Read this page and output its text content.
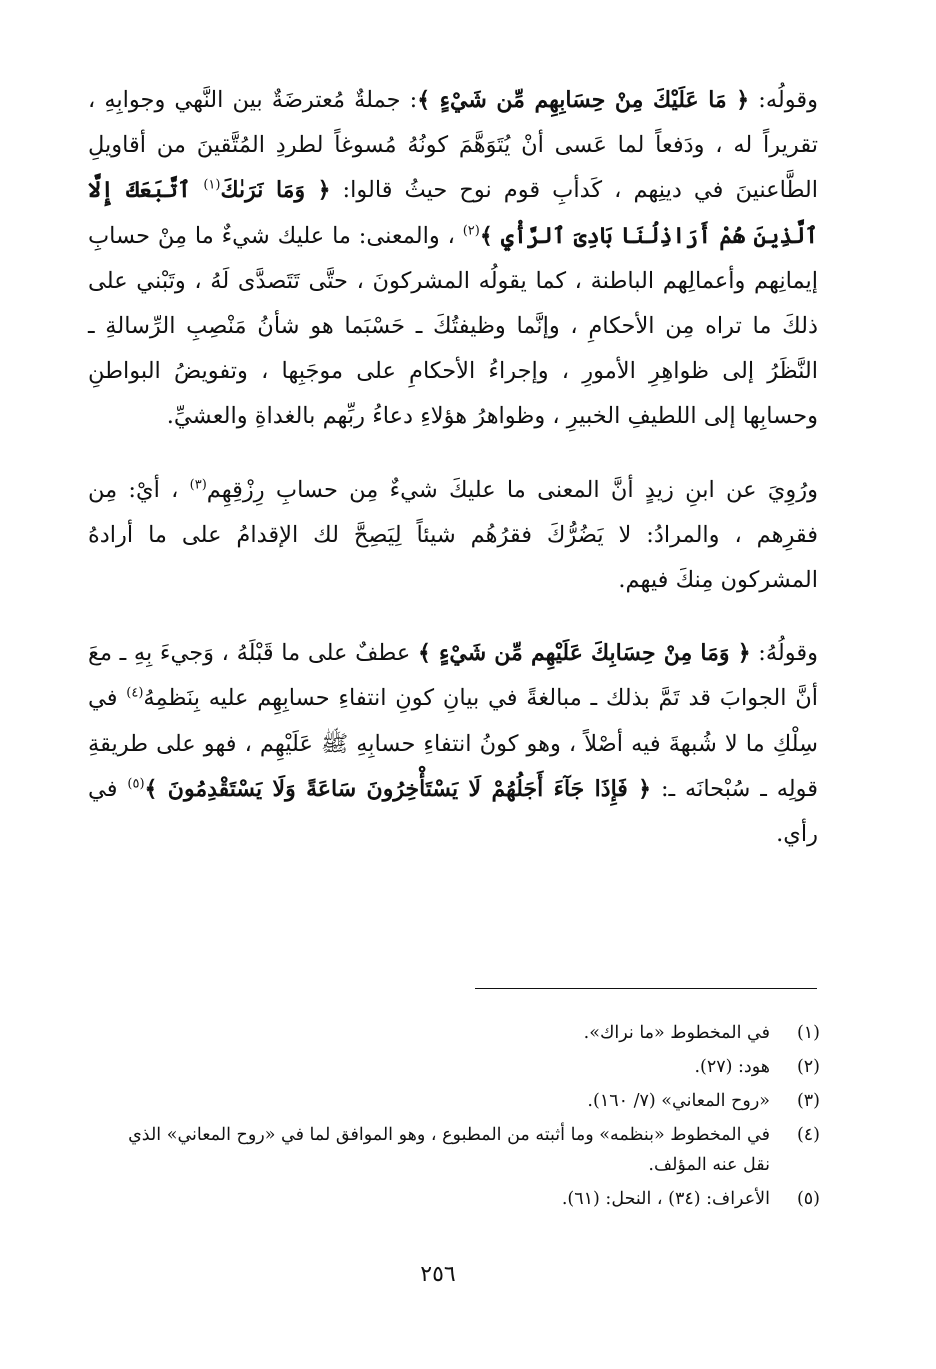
وقولُه: ﴿ مَا عَلَيْكَ مِنْ حِسَابِهِم مِّن شَيْءٍ ﴾: جملةٌ مُعترضَةٌ بين النَّهي وجوابِهِ ، تقريراً له ، ودَفعاً لما عَسى أنْ يُتَوَهَّمَ كونُهُ مُسوغاً لطردِ المُتَّقينَ من أقاويلِ الطَّاعنينَ في دينِهم ، كَدأبِ قوم نوح حيثُ قالوا: ﴿ وَمَا نَرَىٰكَ$^{(١)}$ ٱتَّبَعَكَ إِلَّا ٱلَّذِينَ هُمْ أَرَاذِلُنَا بَادِىَ ٱلرَّأْيِ ﴾$^{(٢)}$ ، والمعنى: ما عليك شيءٌ ما مِنْ حسابِ إيمانِهم وأعمالِهم الباطنة ، كما يقولُه المشركونَ ، حتَّى تَتَصدَّى لَهُ ، وتَبْني على ذلكَ ما تراه مِن الأحكامِ ، وإنَّما وظيفتُكَ ـ حَسْبَما هو شأنُ مَنْصِبِ الرِّسالةِ ـ النَّظَرُ إلى ظواهِرِ الأمورِ ، وإجراءُ الأحكامِ على موجَبِها ، وتفويضُ البواطنِ وحسابِها إلى اللطيفِ الخبيرِ ، وظواهرُ هؤلاءِ دعاءُ ربِّهم بالغداةِ والعشيِّ.

ورُوِيَ عن ابنِ زيدٍ أنَّ المعنى ما عليكَ شيءٌ مِن حسابِ رِزْقِهِم$^{(٣)}$ ، أيْ: مِن فقرِهم ، والمرادُ: لا يَضُرُّكَ فقرُهُم شيئاً لِيَصِحَّ لك الإقدامُ على ما أرادهُ المشركون مِنكَ فيهم.

وقولُهُ: ﴿ وَمَا مِنْ حِسَابِكَ عَلَيْهِم مِّن شَيْءٍ ﴾ عطفٌ على ما قَبْلَهُ ، وَجيءَ بِهِ ـ معَ أنَّ الجوابَ قد تَمَّ بذلك ـ مبالغةً في بيانِ كونِ انتفاءِ حسابِهِم عليه بِنَظمِهُ$^{(٤)}$ في سِلْكِ ما لا شُبهةَ فيه أصْلاً ، وهو كونُ انتفاءِ حسابِهِ ﷺ عَلَيْهِم ، فهو على طريقةِ قولِه ـ سُبْحانَه ـ: ﴿ فَإِذَا جَآءَ أَجَلُهُمْ لَا يَسْتَأْخِرُونَ سَاعَةً وَلَا يَسْتَقْدِمُونَ ﴾$^{(٥)}$ في رأي.

(١)
في المخطوط «ما نراك».
(٢)
هود: (٢٧).
(٣)
«روح المعاني» (٧/ ١٦٠).
(٤)
في المخطوط «بنظمه» وما أثبته من المطبوع ، وهو الموافق لما في «روح المعاني» الذي نقل عنه المؤلف.
(٥)
الأعراف: (٣٤) ، النحل: (٦١).
٢٥٦
